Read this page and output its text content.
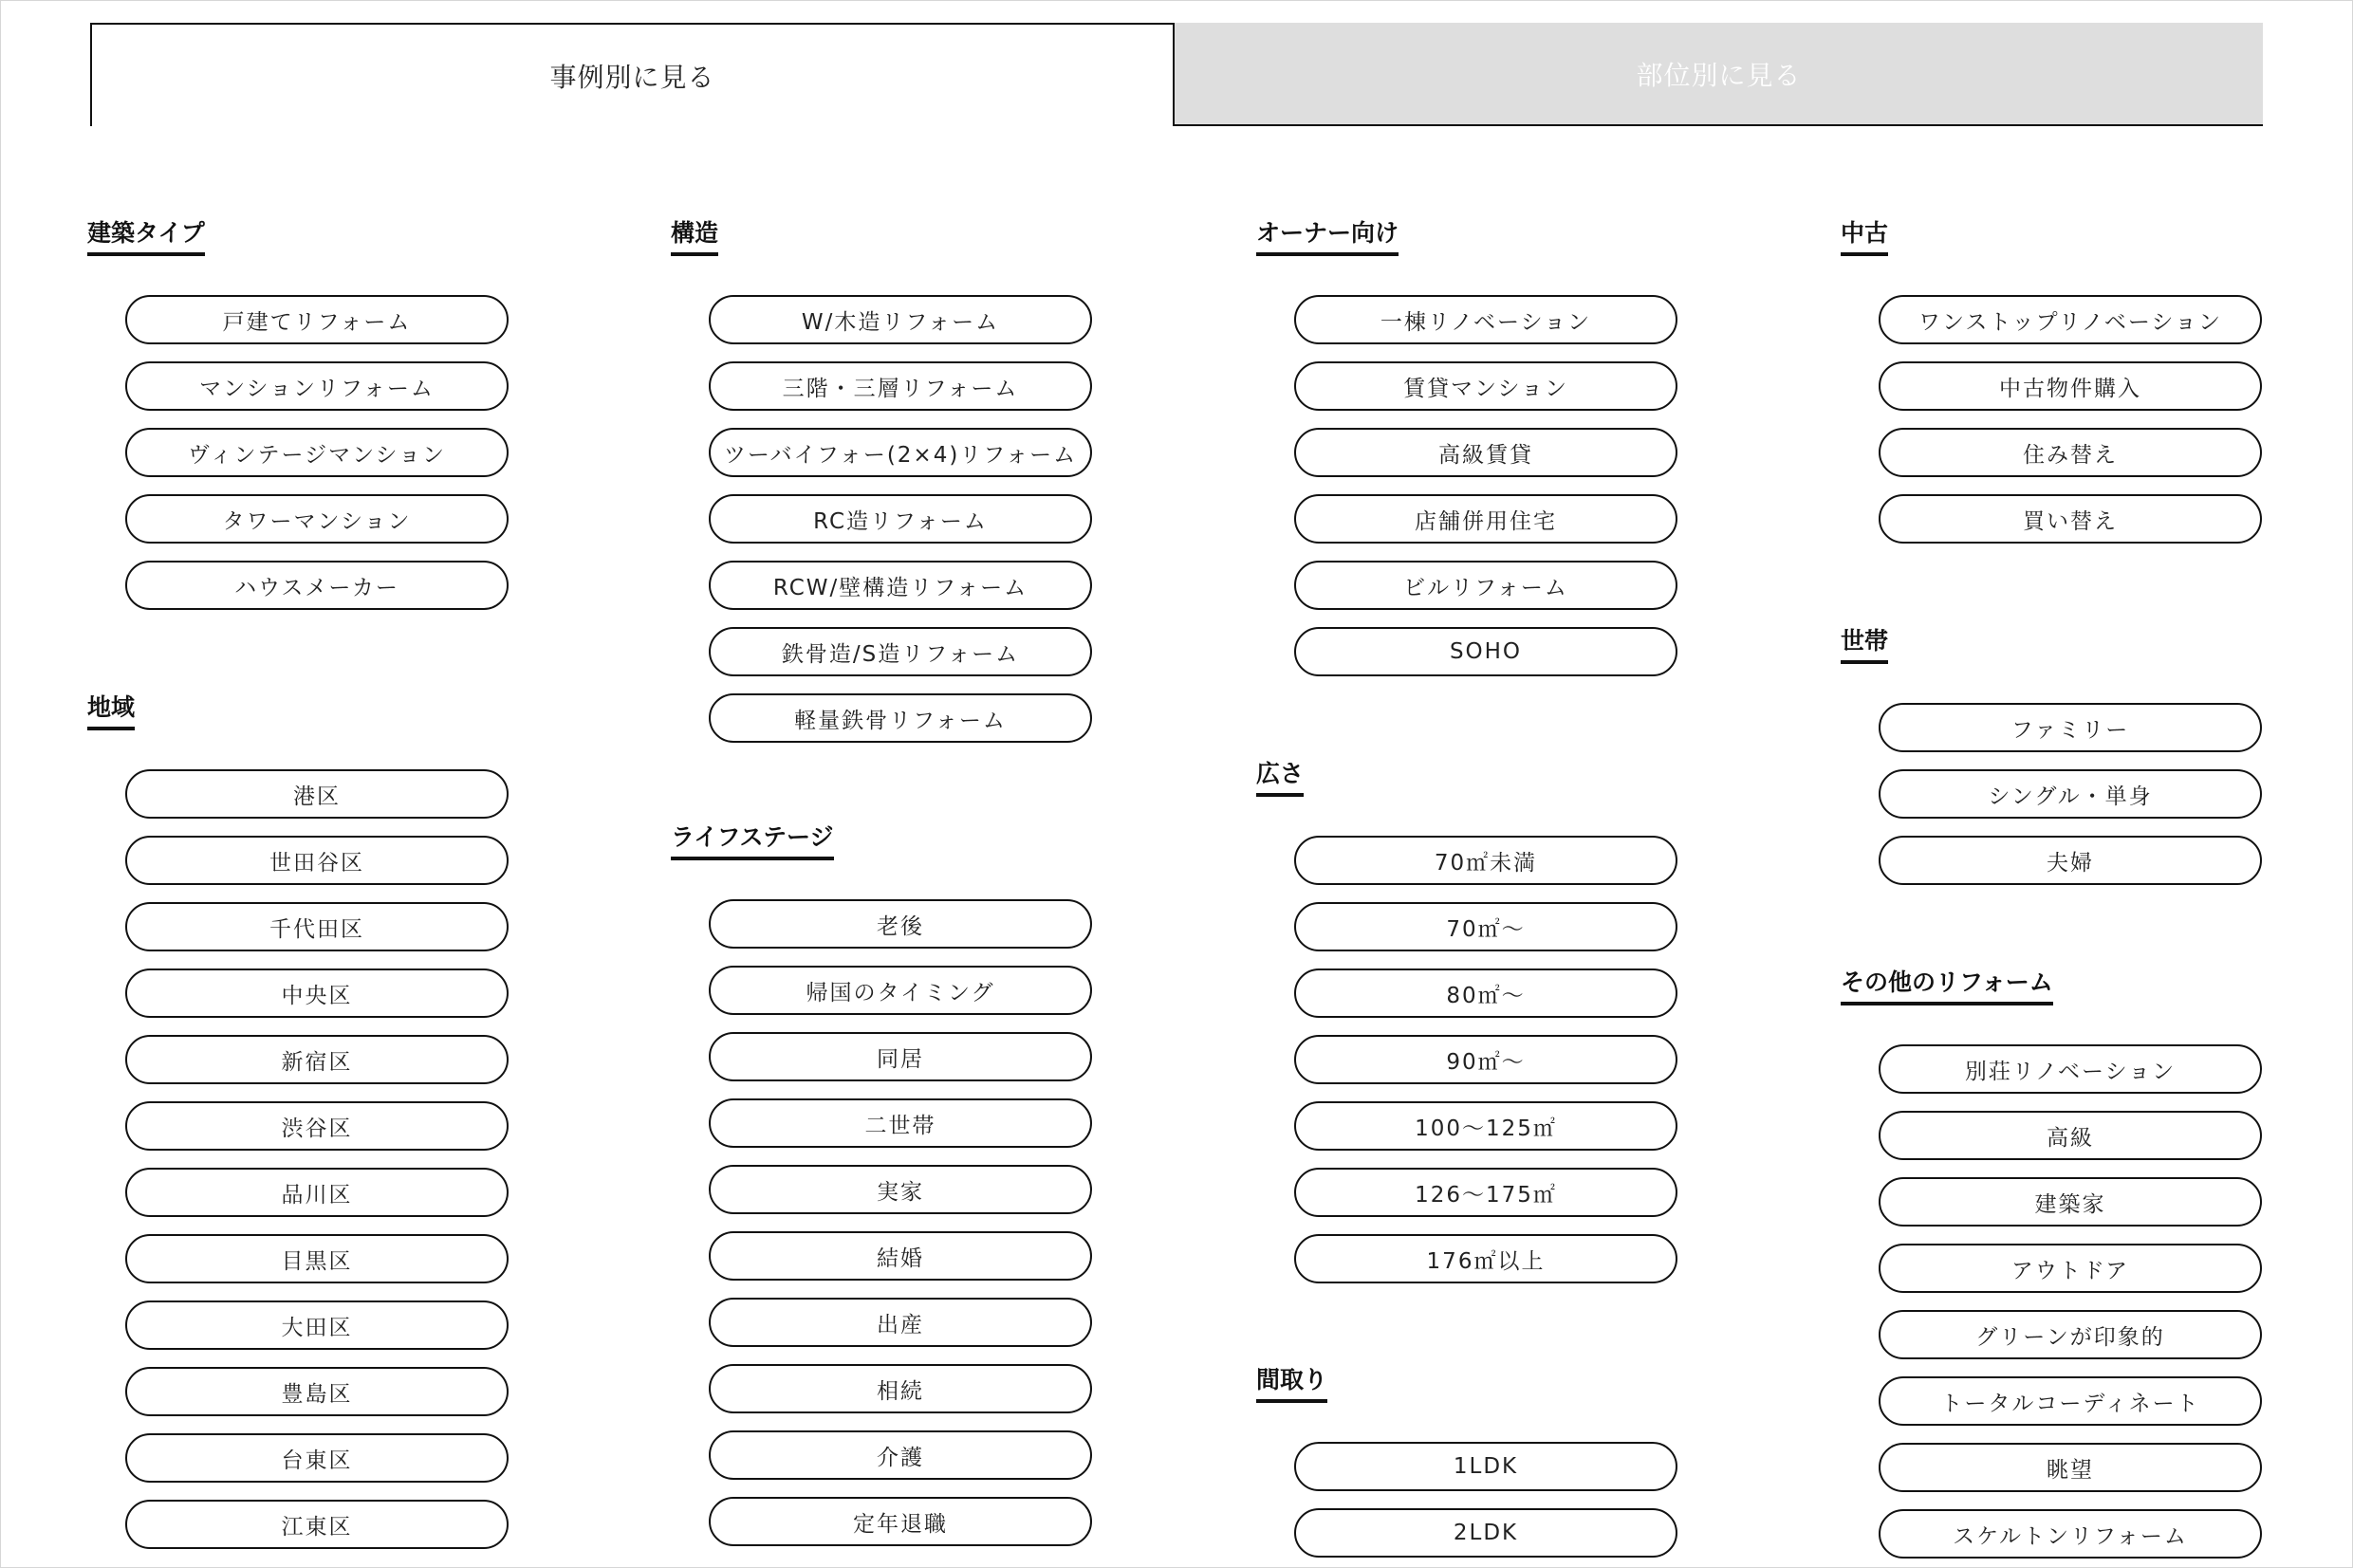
事例別に見る	部位別に見る
建築タイプ
戸建てリフォーム
マンションリフォーム
ヴィンテージマンション
タワーマンション
ハウスメーカー
地域
港区
世田谷区
千代田区
中央区
新宿区
渋谷区
品川区
目黒区
大田区
豊島区
台東区
江東区
構造
W/木造リフォーム
三階・三層リフォーム
ツーバイフォー(2×4)リフォーム
RC造リフォーム
RCW/壁構造リフォーム
鉄骨造/S造リフォーム
軽量鉄骨リフォーム
ライフステージ
老後
帰国のタイミング
同居
二世帯
実家
結婚
出産
相続
介護
定年退職
オーナー向け
一棟リノベーション
賃貸マンション
高級賃貸
店舗併用住宅
ビルリフォーム
SOHO
広さ
70㎡未満
70㎡～
80㎡～
90㎡～
100～125㎡
126～175㎡
176㎡以上
間取り
1LDK
2LDK
中古
ワンストップリノベーション
中古物件購入
住み替え
買い替え
世帯
ファミリー
シングル・単身
夫婦
その他のリフォーム
別荘リノベーション
高級
建築家
アウトドア
グリーンが印象的
トータルコーディネート
眺望
スケルトンリフォーム
